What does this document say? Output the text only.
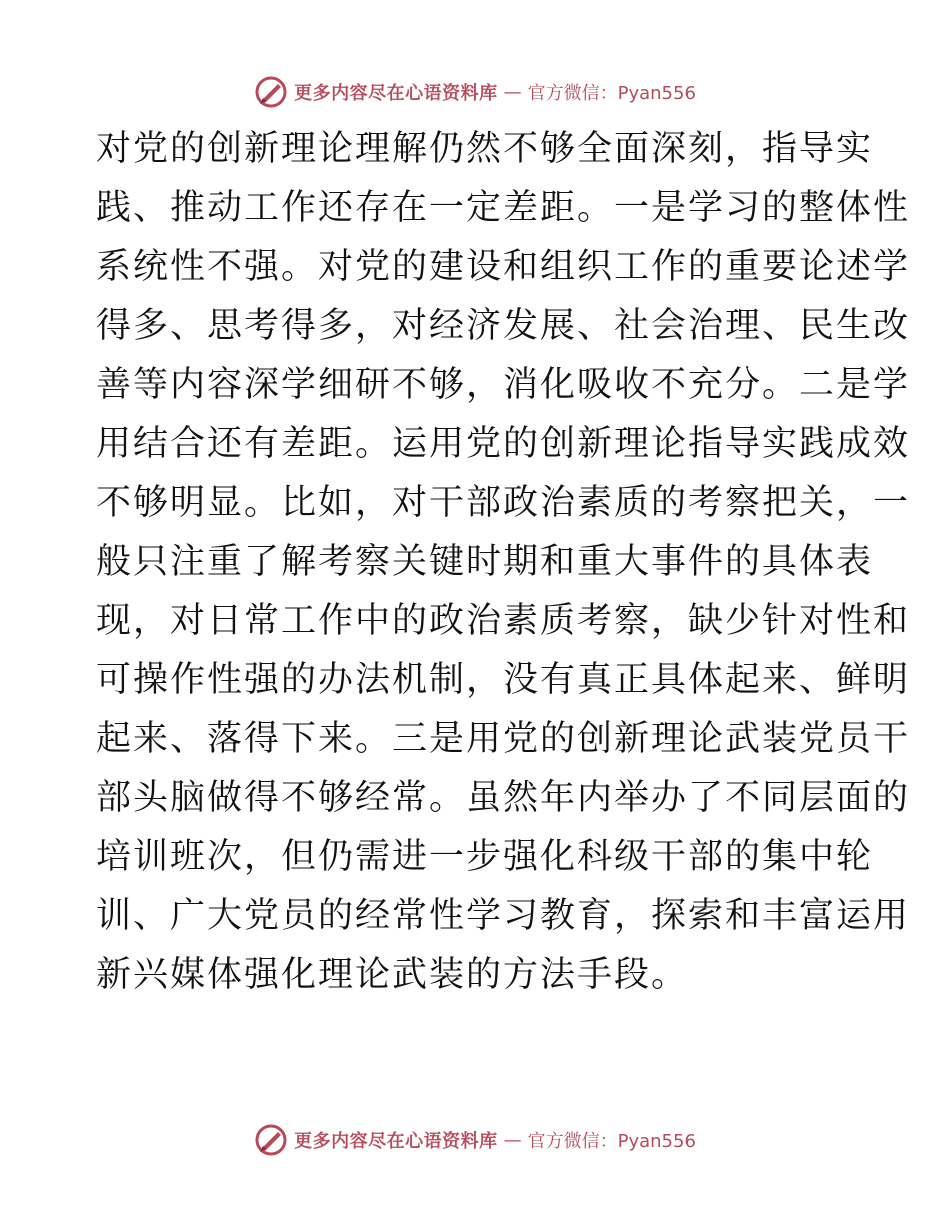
更多内容尽在心语资料库 — 官方微信：Pyan556
对党的创新理论理解仍然不够全面深刻，指导实
践、推动工作还存在一定差距。一是学习的整体性
系统性不强。对党的建设和组织工作的重要论述学
得多、思考得多，对经济发展、社会治理、民生改
善等内容深学细研不够，消化吸收不充分。二是学
用结合还有差距。运用党的创新理论指导实践成效
不够明显。比如，对干部政治素质的考察把关，一
般只注重了解考察关键时期和重大事件的具体表
现，对日常工作中的政治素质考察，缺少针对性和
可操作性强的办法机制，没有真正具体起来、鲜明
起来、落得下来。三是用党的创新理论武装党员干
部头脑做得不够经常。虽然年内举办了不同层面的
培训班次，但仍需进一步强化科级干部的集中轮
训、广大党员的经常性学习教育，探索和丰富运用
新兴媒体强化理论武装的方法手段。
更多内容尽在心语资料库 — 官方微信：Pyan556
